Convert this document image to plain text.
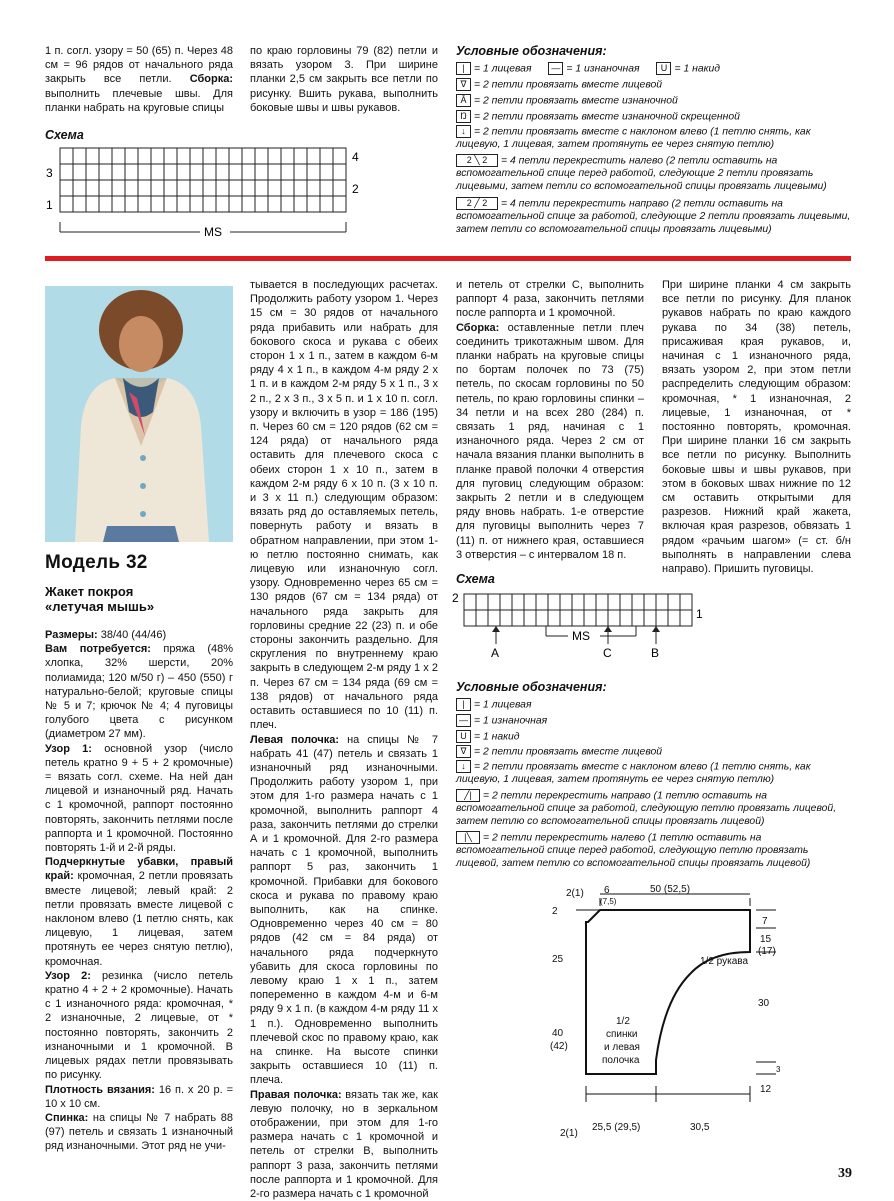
1 п. согл. узору = 50 (65) п. Через 48 см = 96 рядов от начального ряда закрыть все петли. Сборка: выполнить плечевые швы. Для планки набрать на круговые спицы

по краю горловины 79 (82) петли и вязать узором 3. При ширине планки 2,5 см закрыть все петли по рисунку. Вшить рукава, выполнить боковые швы и швы рукавов.

Схема
MS
4
3
2
1
Условные обозначения:
| = 1 лицевая — = 1 изнаночная U = 1 накид
∇ = 2 петли провязать вместе лицевой
Ā = 2 петли провязать вместе изнаночной
Ŋ = 2 петли провязать вместе изнаночной скрещенной
↓ = 2 петли провязать вместе с наклоном влево (1 петлю снять, как лицевую, 1 лицевая, затем протянуть ее через снятую петлю)
2 ╲ 2 = 4 петли перекрестить налево (2 петли оставить на вспомогательной спице перед работой, следующие 2 петли провязать лицевыми, затем петли со вспомогательной спицы провязать лицевыми)
2 ╱ 2 = 4 петли перекрестить направо (2 петли оставить на вспомогательной спице за работой, следующие 2 петли провязать лицевыми, затем петли со вспомогательной спицы провязать лицевыми)
Модель 32
Жакет покроя
«летучая мышь»

Размеры: 38/40 (44/46)

Вам потребуется: пряжа (48% хлопка, 32% шерсти, 20% полиамида; 120 м/50 г) – 450 (550) г натурально-белой; круговые спицы № 5 и 7; крючок № 4; 4 пуговицы голубого цвета с рисунком (диаметром 27 мм).

Узор 1: основной узор (число петель кратно 9 + 5 + 2 кромочные) = вязать согл. схеме. На ней дан лицевой и изнаночный ряд. Начать с 1 кромочной, раппорт постоянно повторять, закончить петлями после раппорта и 1 кромочной. Постоянно повторять 1-й и 2-й ряды.

Подчеркнутые убавки, правый край: кромочная, 2 петли провязать вместе лицевой; левый край: 2 петли провязать вместе лицевой с наклоном влево (1 петлю снять, как лицевую, 1 лицевая, затем протянуть ее через снятую петлю), кромочная.

Узор 2: резинка (число петель кратно 4 + 2 + 2 кромочные). Начать с 1 изнаночного ряда: кромочная, * 2 изнаночные, 2 лицевые, от * постоянно повторять, закончить 2 изнаночными и 1 кромочной. В лицевых рядах петли провязывать по рисунку.

Плотность вязания: 16 п. х 20 р. = 10 х 10 см.

Спинка: на спицы № 7 набрать 88 (97) петель и связать 1 изнаночный ряд изнаночными. Этот ряд не учи-

тывается в последующих расчетах. Продолжить работу узором 1. Через 15 см = 30 рядов от начального ряда прибавить или набрать для бокового скоса и рукава с обеих сторон 1 х 1 п., затем в каждом 6-м ряду 4 х 1 п., в каждом 4-м ряду 2 х 1 п. и в каждом 2-м ряду 5 х 1 п., 3 х 2 п., 2 х 3 п., 3 х 5 п. и 1 х 10 п. согл. узору и включить в узор = 186 (195) п. Через 60 см = 120 рядов (62 см = 124 ряда) от начального ряда оставить для плечевого скоса с обеих сторон 1 х 10 п., затем в каждом 2-м ряду 6 х 10 п. (3 х 10 п. и 3 х 11 п.) следующим образом: вязать ряд до оставляемых петель, повернуть работу и вязать в обратном направлении, при этом 1-ю петлю постоянно снимать, как лицевую или изнаночную согл. узору. Одновременно через 65 см = 130 рядов (67 см = 134 ряда) от начального ряда закрыть для горловины средние 22 (23) п. и обе стороны закончить раздельно. Для скругления по внутреннему краю закрыть в следующем 2-м ряду 1 х 2 п. Через 67 см = 134 ряда (69 см = 138 рядов) от начального ряда оставить оставшиеся по 10 (11) п. плеч.

Левая полочка: на спицы № 7 набрать 41 (47) петель и связать 1 изнаночный ряд изнаночными. Продолжить работу узором 1, при этом для 1-го размера начать с 1 кромочной, выполнить раппорт 4 раза, закончить петлями до стрелки А и 1 кромочной. Для 2-го размера начать с 1 кромочной, выполнить раппорт 5 раз, закончить 1 кромочной. Прибавки для бокового скоса и рукава по правому краю выполнить, как на спинке. Одновременно через 40 см = 80 рядов (42 см = 84 ряда) от начального ряда подчеркнуто убавить для скоса горловины по левому краю 1 х 1 п., затем попеременно в каждом 4-м и 6-м ряду 9 х 1 п. (в каждом 4-м ряду 11 х 1 п.). Одновременно выполнить плечевой скос по правому краю, как на спинке. На высоте спинки закрыть оставшиеся 10 (11) п. плеча.

Правая полочка: вязать так же, как левую полочку, но в зеркальном отображении, при этом для 1-го размера начать с 1 кромочной и петель от стрелки В, выполнить раппорт 3 раза, закончить петлями после раппорта и 1 кромочной. Для 2-го размера начать с 1 кромочной

и петель от стрелки С, выполнить раппорт 4 раза, закончить петлями после раппорта и 1 кромочной.

Сборка: оставленные петли плеч соединить трикотажным швом. Для планки набрать на круговые спицы по бортам полочек по 73 (75) петель, по скосам горловины по 50 петель, по краю горловины спинки – 34 петли и на всех 280 (284) п. связать 1 ряд, начиная с 1 изнаночного ряда. Через 2 см от начала вязания планки выполнить в планке правой полочки 4 отверстия для пуговиц следующим образом: закрыть 2 петли и в следующем ряду вновь набрать. 1-е отверстие для пуговицы выполнить через 7 (11) п. от нижнего края, оставшиеся 3 отверстия – с интервалом 18 п.

При ширине планки 4 см закрыть все петли по рисунку. Для планок рукавов набрать по краю каждого рукава по 34 (38) петель, присаживая края рукавов, и, начиная с 1 изнаночного ряда, вязать узором 2, при этом петли распределить следующим образом: кромочная, * 1 изнаночная, 2 лицевые, 1 изнаночная, от * постоянно повторять, кромочная. При ширине планки 16 см закрыть все петли по рисунку. Выполнить боковые швы и швы рукавов, при этом в боковых швах нижние по 12 см оставить открытыми для разрезов. Нижний край жакета, включая края разрезов, обвязать 1 рядом «рачьим шагом» (= ст. б/н выполнять в направлении слева направо). Пришить пуговицы.

Схема
2
1
MS
A	C	B
Условные обозначения:
| = 1 лицевая
— = 1 изнаночная
U = 1 накид
∇ = 2 петли провязать вместе лицевой
↓ = 2 петли провязать вместе с наклоном влево (1 петлю снять, как лицевую, 1 лицевая, затем протянуть ее через снятую петлю)
╱| = 2 петли перекрестить направо (1 петлю оставить на вспомогательной спице за работой, следующую петлю провязать лицевой, затем петлю со вспомогательной спицы провязать лицевой)
|╲ = 2 петли перекрестить налево (1 петлю оставить на вспомогательной спице перед работой, следующую петлю провязать лицевой, затем петлю со вспомогательной спицы провязать лицевой)
2(1) 6
(7,5)
50 (52,5)
2
7
15
(17)
25	1/2 рукава
30
1/2
спинки
и левая
полочка
40
(42)
3
12
2(1)
25,5 (29,5)	30,5
39
